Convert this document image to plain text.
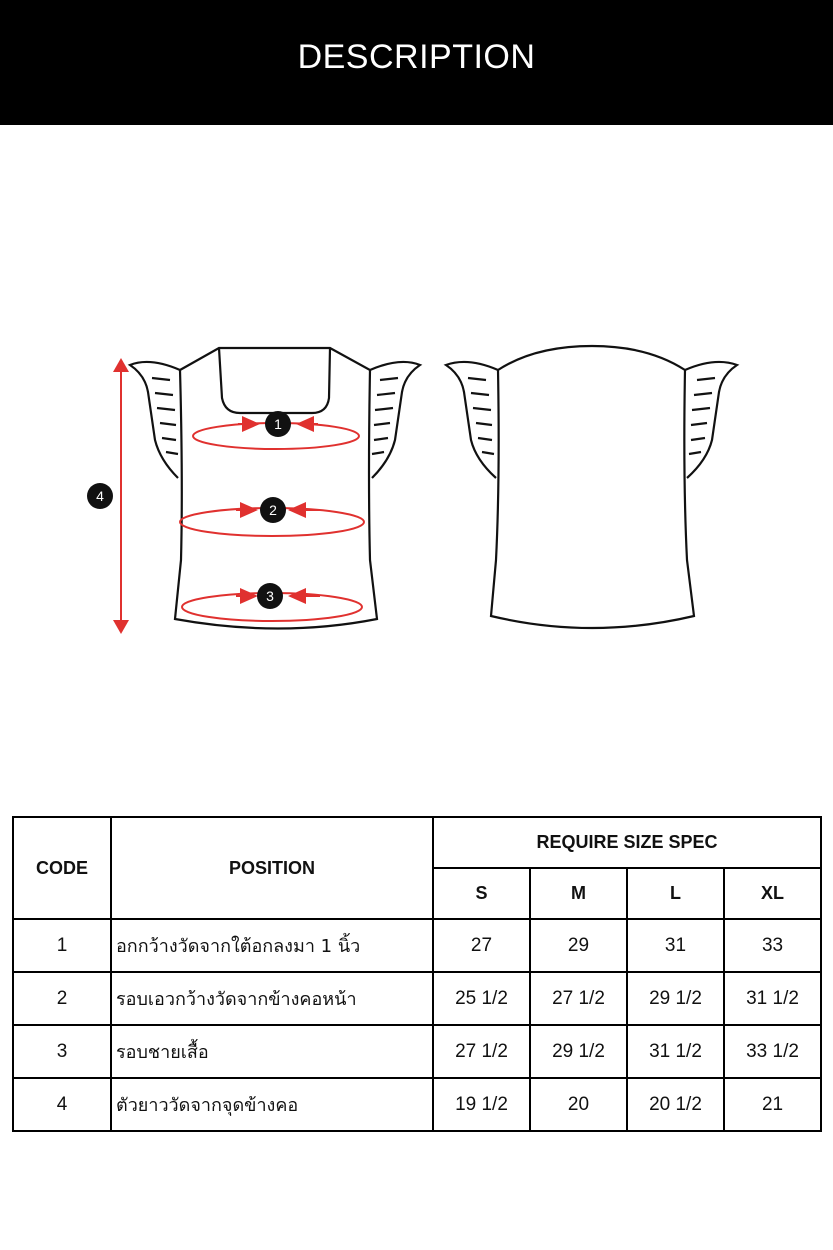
DESCRIPTION
1
2
3
4
CODE	POSITION	REQUIRE SIZE SPEC			
		S	M	L	XL
1	อกกว้างวัดจากใต้อกลงมา 1 นิ้ว	27	29	31	33
2	รอบเอวกว้างวัดจากข้างคอหน้า	25 1/2	27 1/2	29 1/2	31 1/2
3	รอบชายเสื้อ	27 1/2	29 1/2	31 1/2	33 1/2
4	ตัวยาววัดจากจุดข้างคอ	19 1/2	20	20 1/2	21
